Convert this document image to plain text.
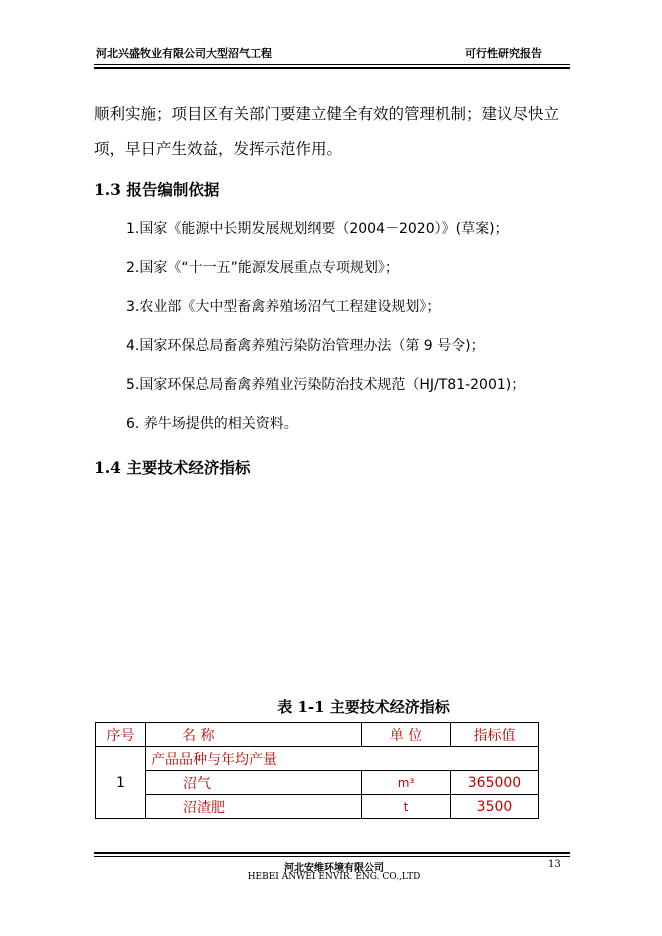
河北兴盛牧业有限公司大型沼气工程	可行性研究报告
顺利实施；项目区有关部门要建立健全有效的管理机制；建议尽快立
项，早日产生效益，发挥示范作用。
1.3 报告编制依据
1.国家《能源中长期发展规划纲要（2004－2020）》(草案)；
2.国家《“十一五”能源发展重点专项规划》；
3.农业部《大中型畜禽养殖场沼气工程建设规划》；
4.国家环保总局畜禽养殖污染防治管理办法（第 9 号令)；
5.国家环保总局畜禽养殖业污染防治技术规范（HJ/T81-2001)；
6. 养牛场提供的相关资料。
1.4 主要技术经济指标
表 1-1 主要技术经济指标
序号	名 称	单 位	指标值
1	产品品种与年均产量		
	沼气	m³	365000
	沼渣肥	t	3500
河北安维环境有限公司
HEBEI ANWEI ENVIR. ENG. CO.,LTD
13
